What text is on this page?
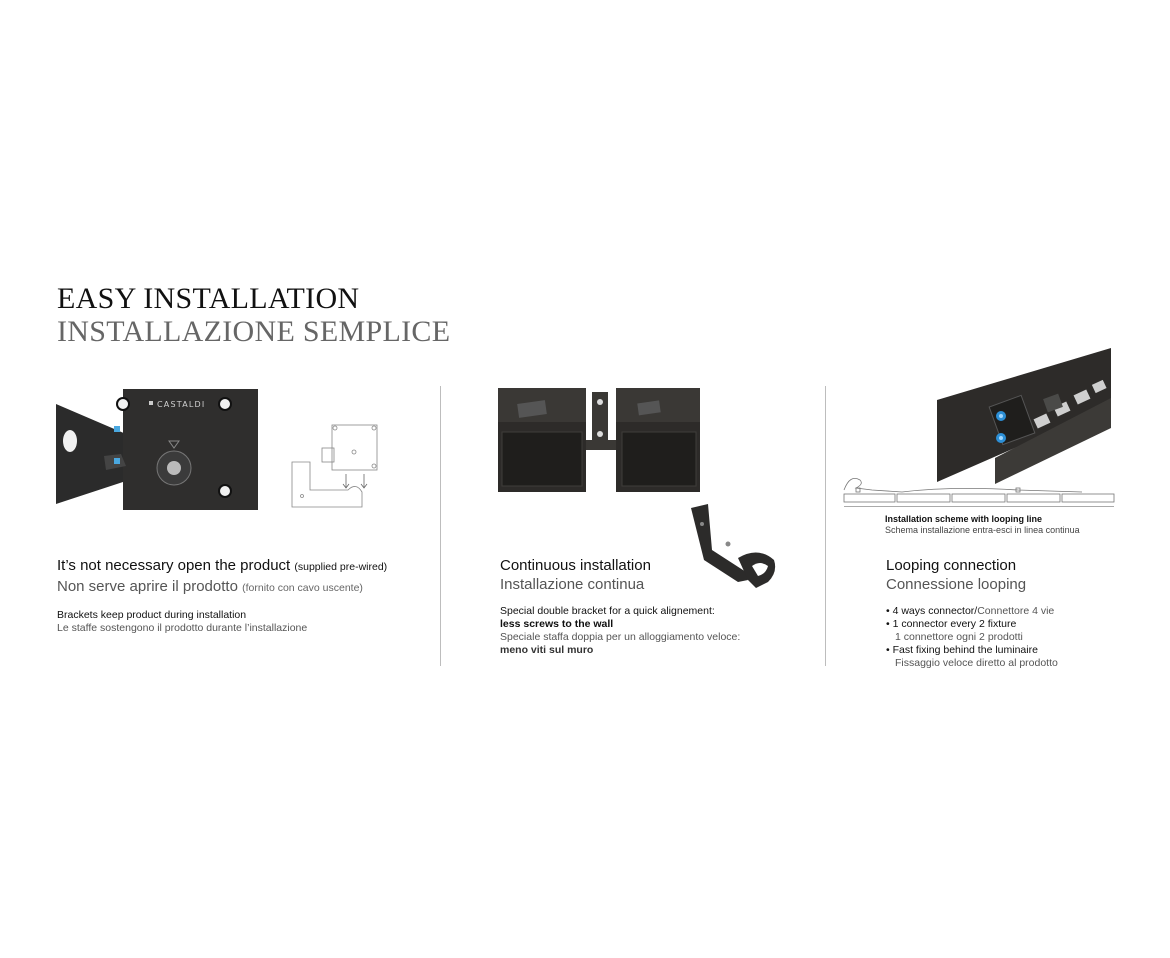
EASY INSTALLATION
INSTALLAZIONE SEMPLICE
CASTALDI
Installation scheme with looping line
Schema installazione entra-esci in linea continua
It’s not necessary open the product (supplied pre-wired)
Non serve aprire il prodotto (fornito con cavo uscente)
Brackets keep product during installation
Le staffe sostengono il prodotto durante l’installazione
Continuous installation
Installazione continua
Special double bracket for a quick alignement:
less screws to the wall
Speciale staffa doppia per un alloggiamento veloce:
meno viti sul muro
Looping connection
Connessione looping
• 4 ways connector/Connettore 4 vie
• 1 connector every 2 fixture
1 connettore ogni 2 prodotti
• Fast fixing behind the luminaire
Fissaggio veloce diretto al prodotto
